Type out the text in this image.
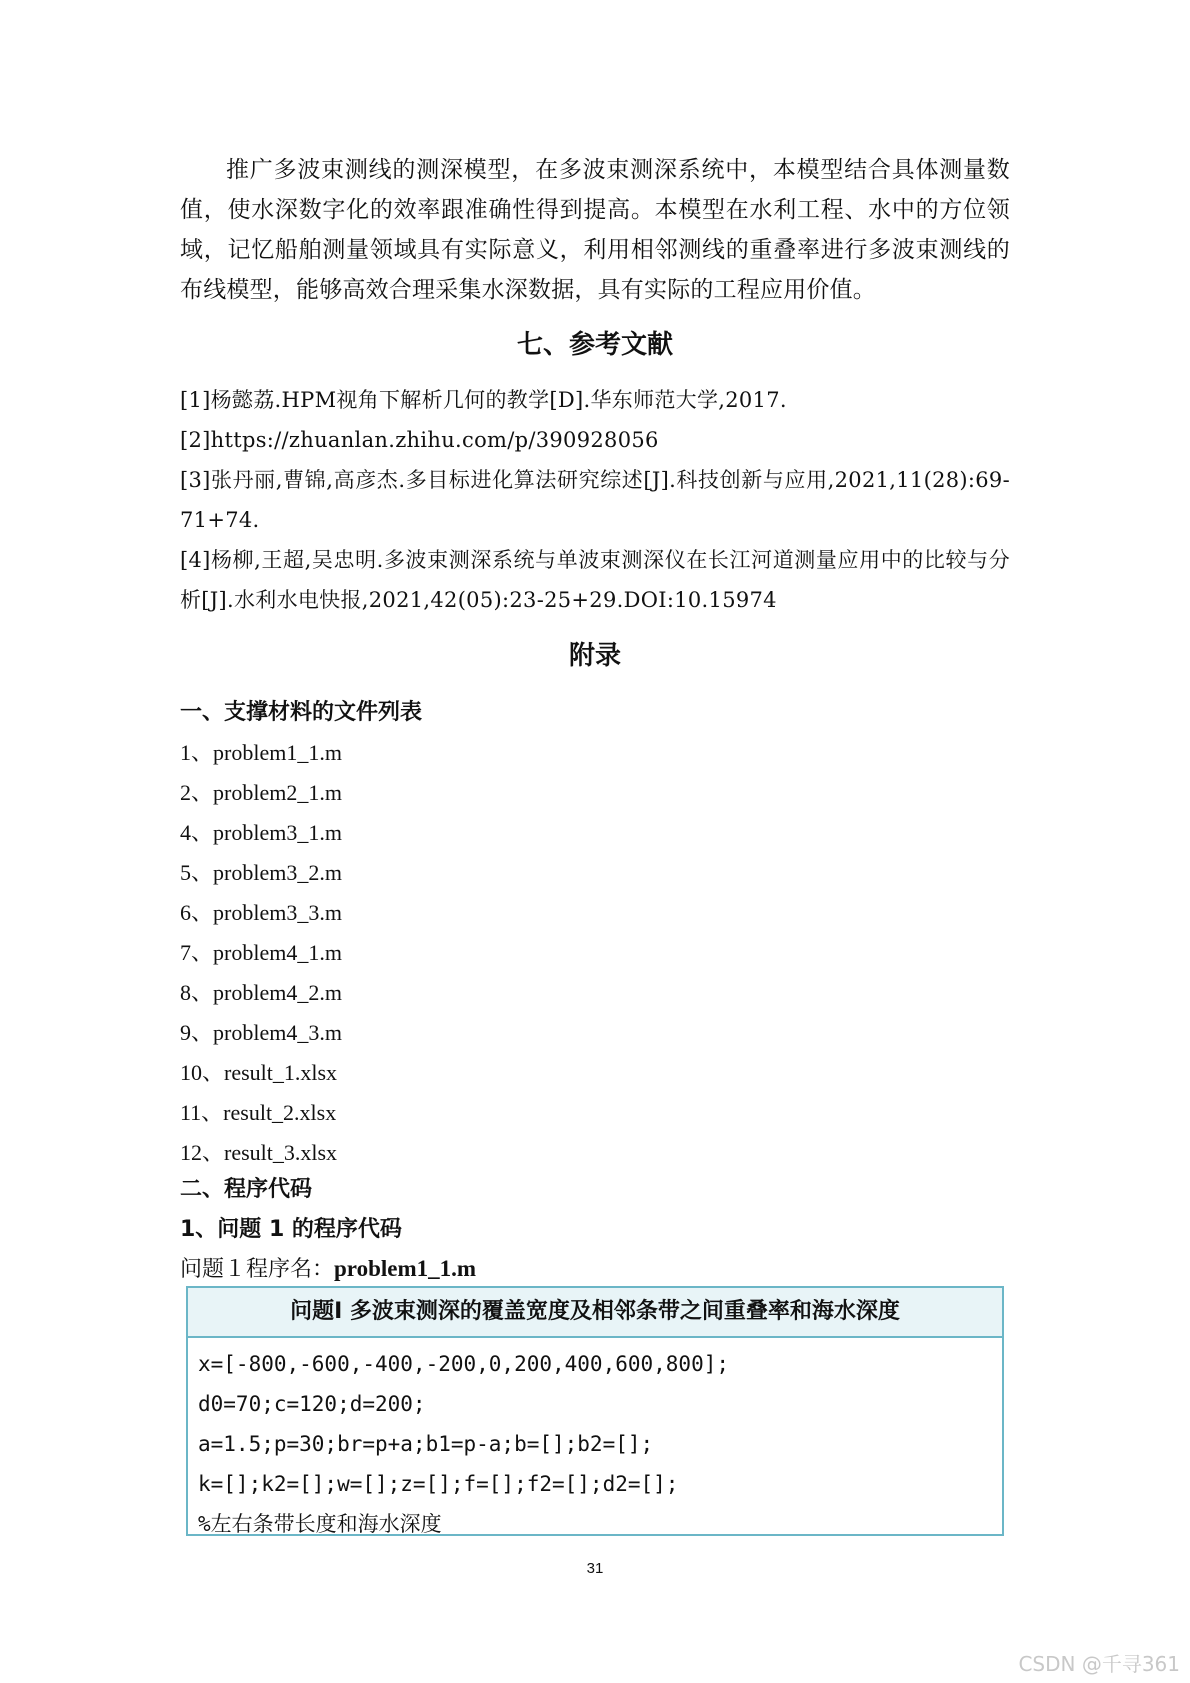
推广多波束测线的测深模型，在多波束测深系统中，本模型结合具体测量数值，使水深数字化的效率跟准确性得到提高。本模型在水利工程、水中的方位领域，记忆船舶测量领域具有实际意义，利用相邻测线的重叠率进行多波束测线的布线模型，能够高效合理采集水深数据，具有实际的工程应用价值。

七、参考文献
[1]杨懿荔.HPM视角下解析几何的教学[D].华东师范大学,2017.
[2]https://zhuanlan.zhihu.com/p/390928056
[3]张丹丽,曹锦,高彦杰.多目标进化算法研究综述[J].科技创新与应用,2021,11(28):69-71+74.
[4]杨柳,王超,吴忠明.多波束测深系统与单波束测深仪在长江河道测量应用中的比较与分析[J].水利水电快报,2021,42(05):23-25+29.DOI:10.15974
附录
一、支撑材料的文件列表
1、problem1_1.m
2、problem2_1.m
4、problem3_1.m
5、problem3_2.m
6、problem3_3.m
7、problem4_1.m
8、problem4_2.m
9、problem4_3.m
10、result_1.xlsx
11、result_2.xlsx
12、result_3.xlsx
二、程序代码
1、问题 1 的程序代码

问题１程序名：problem1_1.m

问题Ⅰ 多波束测深的覆盖宽度及相邻条带之间重叠率和海水深度
x=[-800,-600,-400,-200,0,200,400,600,800];
d0=70;c=120;d=200;
a=1.5;p=30;br=p+a;b1=p-a;b=[];b2=[];
k=[];k2=[];w=[];z=[];f=[];f2=[];d2=[];
%左右条带长度和海水深度
31
CSDN @千寻361
